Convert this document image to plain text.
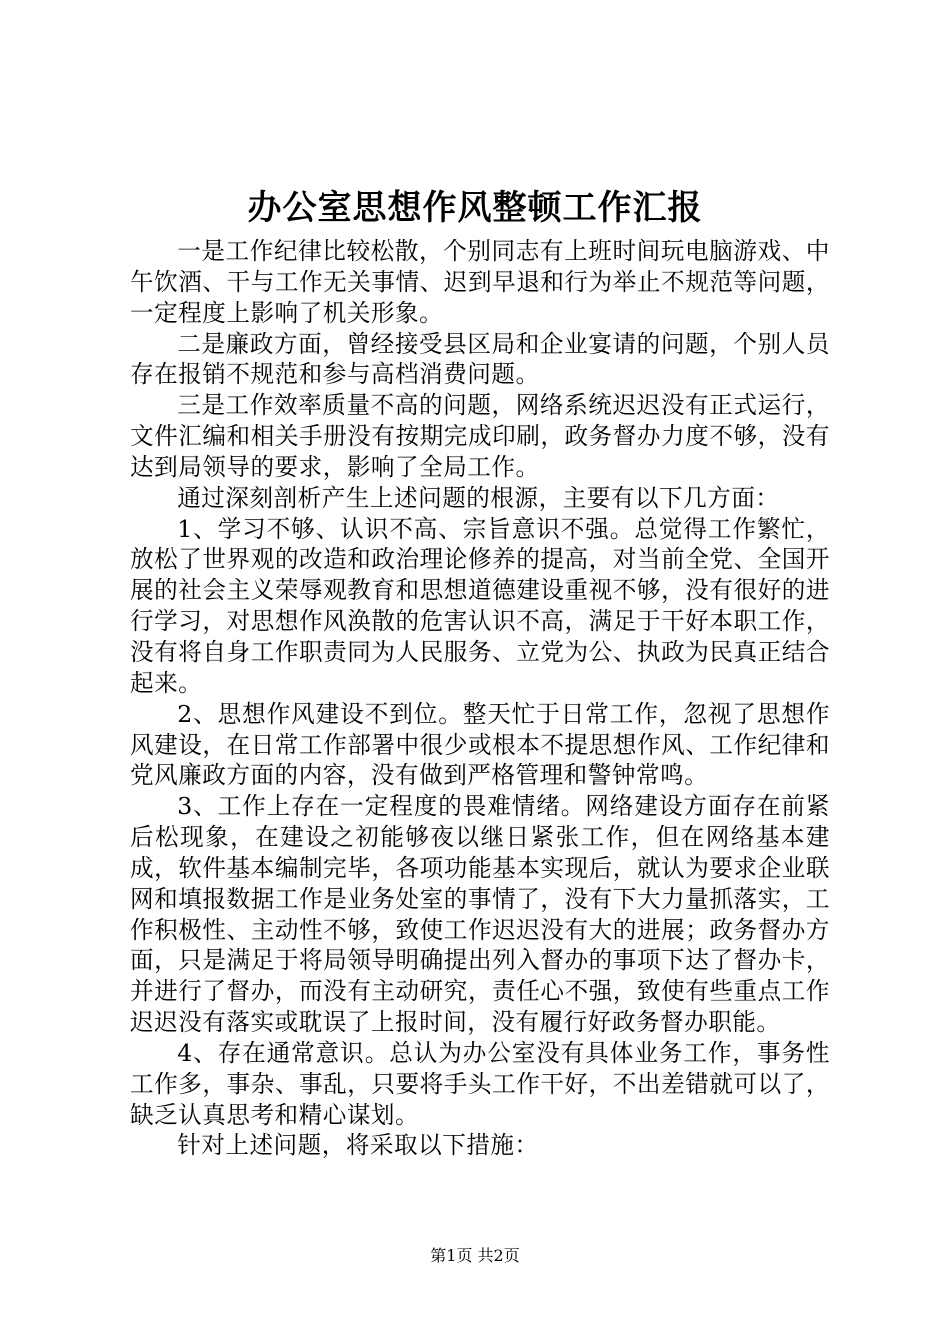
办公室思想作风整顿工作汇报

一是工作纪律比较松散，个别同志有上班时间玩电脑游戏、中午饮酒、干与工作无关事情、迟到早退和行为举止不规范等问题，一定程度上影响了机关形象。

二是廉政方面，曾经接受县区局和企业宴请的问题，个别人员存在报销不规范和参与高档消费问题。

三是工作效率质量不高的问题，网络系统迟迟没有正式运行，文件汇编和相关手册没有按期完成印刷，政务督办力度不够，没有达到局领导的要求，影响了全局工作。

通过深刻剖析产生上述问题的根源，主要有以下几方面：

1、学习不够、认识不高、宗旨意识不强。总觉得工作繁忙，放松了世界观的改造和政治理论修养的提高，对当前全党、全国开展的社会主义荣辱观教育和思想道德建设重视不够，没有很好的进行学习，对思想作风涣散的危害认识不高，满足于干好本职工作，没有将自身工作职责同为人民服务、立党为公、执政为民真正结合起来。

2、思想作风建设不到位。整天忙于日常工作，忽视了思想作风建设，在日常工作部署中很少或根本不提思想作风、工作纪律和党风廉政方面的内容，没有做到严格管理和警钟常鸣。

3、工作上存在一定程度的畏难情绪。网络建设方面存在前紧后松现象，在建设之初能够夜以继日紧张工作，但在网络基本建成，软件基本编制完毕，各项功能基本实现后，就认为要求企业联网和填报数据工作是业务处室的事情了，没有下大力量抓落实，工作积极性、主动性不够，致使工作迟迟没有大的进展；政务督办方面，只是满足于将局领导明确提出列入督办的事项下达了督办卡，并进行了督办，而没有主动研究，责任心不强，致使有些重点工作迟迟没有落实或耽误了上报时间，没有履行好政务督办职能。

4、存在通常意识。总认为办公室没有具体业务工作，事务性工作多，事杂、事乱，只要将手头工作干好，不出差错就可以了，缺乏认真思考和精心谋划。

针对上述问题，将采取以下措施：

第1页 共2页
